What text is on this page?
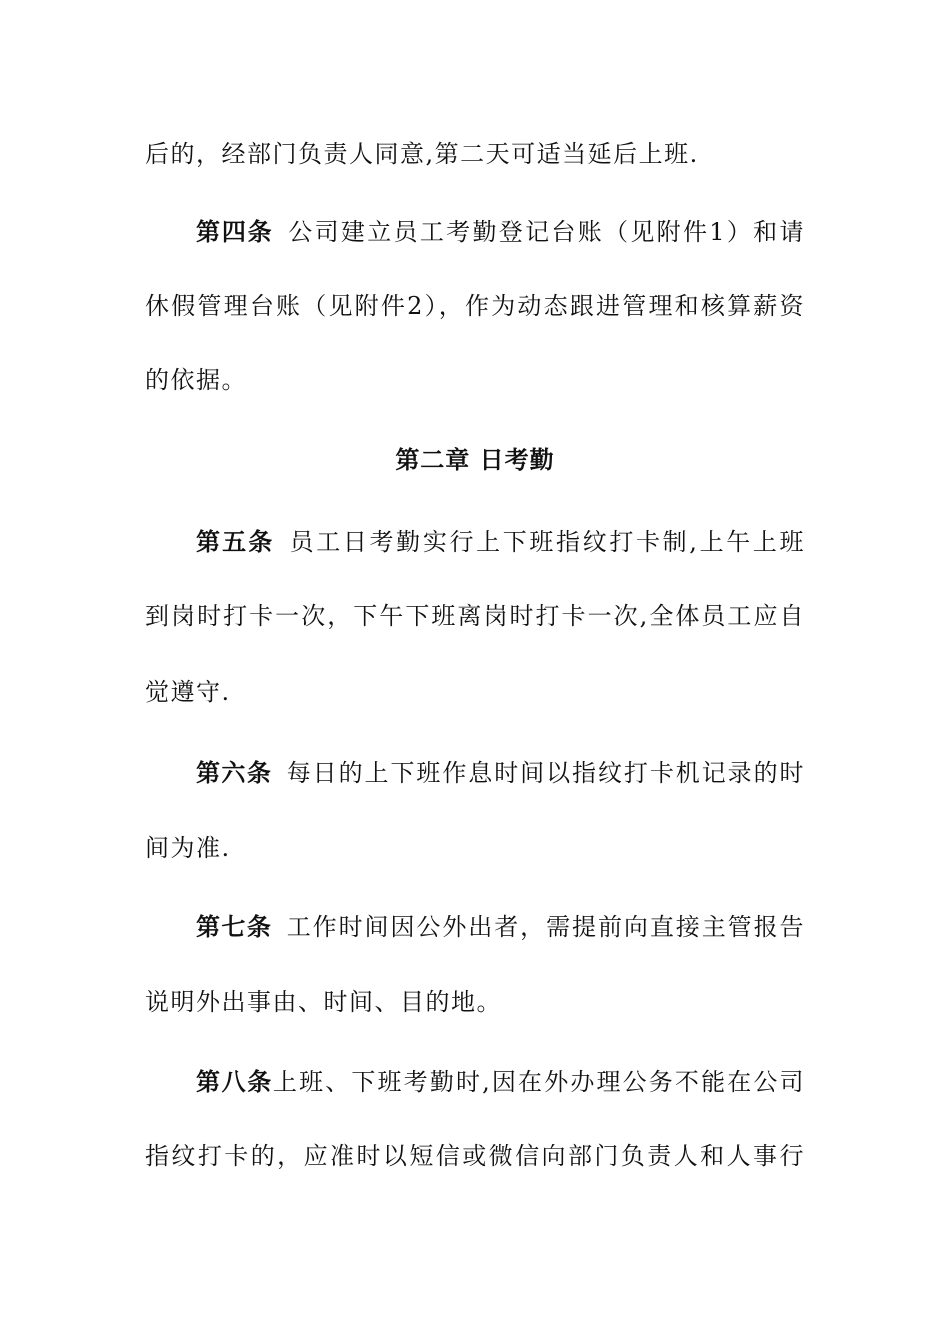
后的，经部门负责人同意,第二天可适当延后上班.
第四条 公司建立员工考勤登记台账（见附件1）和请
休假管理台账（见附件2），作为动态跟进管理和核算薪资
的依据。
第二章 日考勤
第五条 员工日考勤实行上下班指纹打卡制,上午上班
到岗时打卡一次，下午下班离岗时打卡一次,全体员工应自
觉遵守.
第六条 每日的上下班作息时间以指纹打卡机记录的时
间为准.
第七条 工作时间因公外出者，需提前向直接主管报告
说明外出事由、时间、目的地。
第八条上班、下班考勤时,因在外办理公务不能在公司
指纹打卡的，应准时以短信或微信向部门负责人和人事行
